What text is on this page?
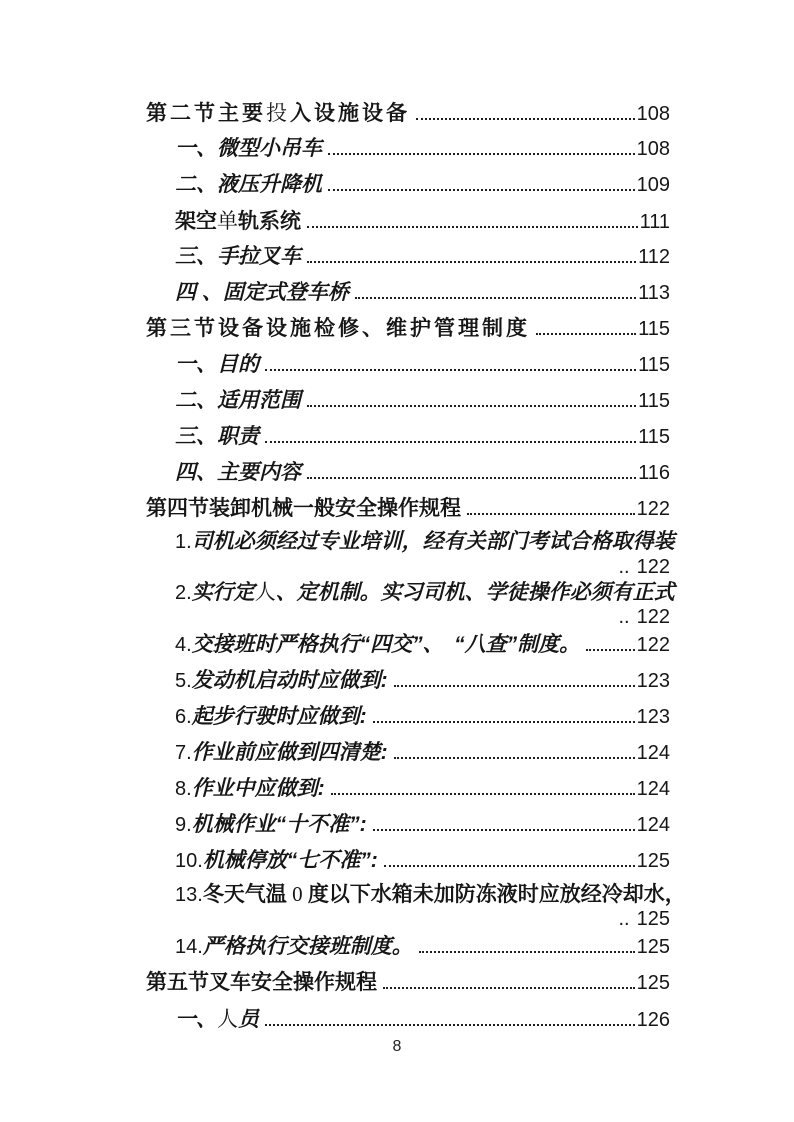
第二节主要投入设施设备	108
一、微型小吊车	108
二、液压升降机	109
架空单轨系统	111
三、手拉叉车	112
四 、固定式登车桥	113
第三节设备设施检修、维护管理制度	115
一、目的	115
二、适用范围	115
三、职责	115
四、主要内容	116
第四节装卸机械一般安全操作规程	122
1.司机必须经过专业培训，经有关部门考试合格取得装
.. 122
2.实行定人、定机制。实习司机、学徒操作必须有正式
.. 122
4.交接班时严格执行“四交”、　“八查”制度。	122
5.发动机启动时应做到:	123
6.起步行驶时应做到:	123
7.作业前应做到四清楚:	124
8.作业中应做到:	124
9.机械作业“十不准”:	124
10.机械停放“七不准”:	125
13.冬天气温 0 度以下水箱未加防冻液时应放经冷却水，
.. 125
14.严格执行交接班制度。	125
第五节叉车安全操作规程	125
一、人员	126
8
